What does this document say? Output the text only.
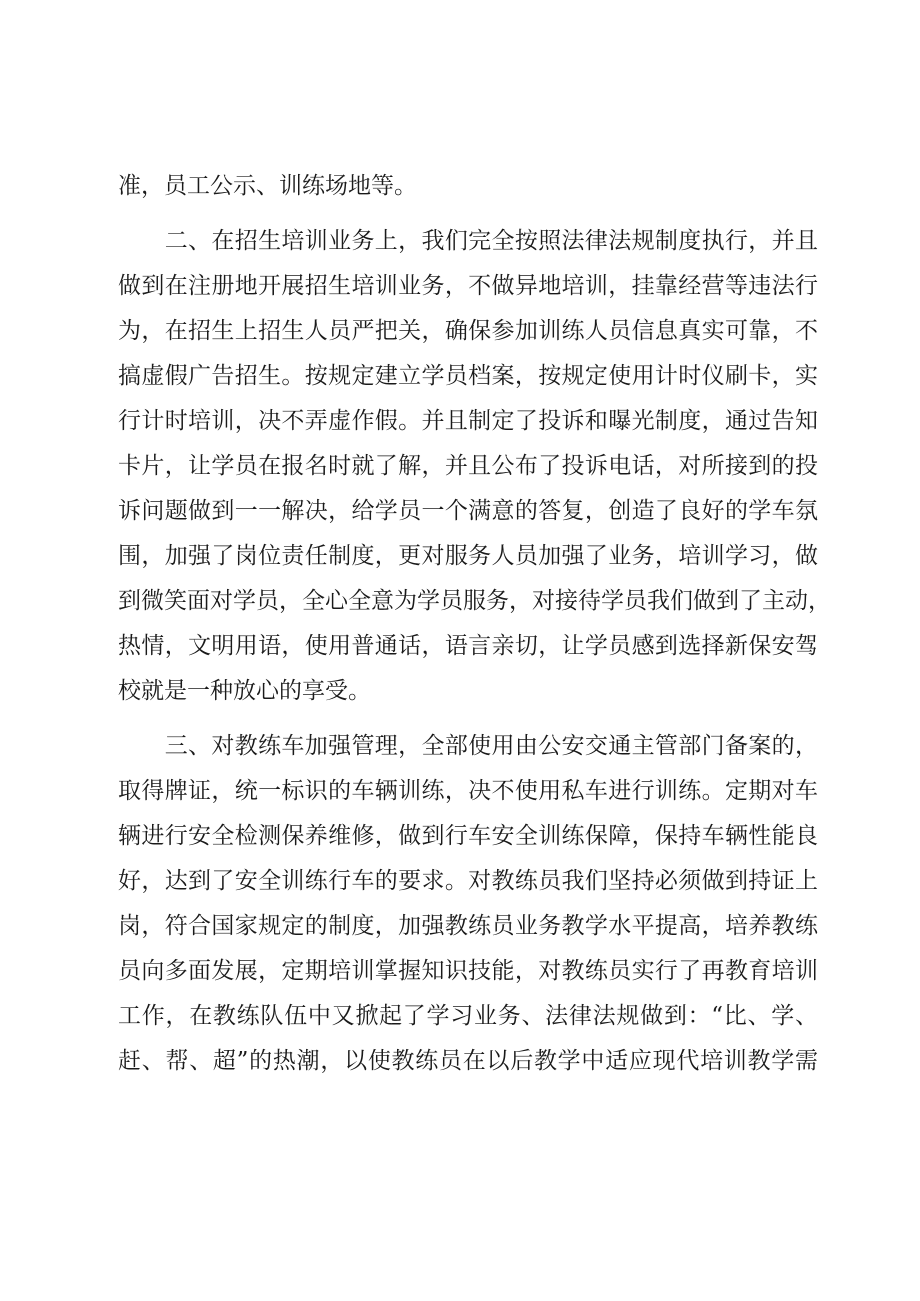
准，员工公示、训练场地等。
　　二、在招生培训业务上，我们完全按照法律法规制度执行，并且
做到在注册地开展招生培训业务，不做异地培训，挂靠经营等违法行
为，在招生上招生人员严把关，确保参加训练人员信息真实可靠，不
搞虚假广告招生。按规定建立学员档案，按规定使用计时仪刷卡，实
行计时培训，决不弄虚作假。并且制定了投诉和曝光制度，通过告知
卡片，让学员在报名时就了解，并且公布了投诉电话，对所接到的投
诉问题做到一一解决，给学员一个满意的答复，创造了良好的学车氛
围，加强了岗位责任制度，更对服务人员加强了业务，培训学习，做
到微笑面对学员，全心全意为学员服务，对接待学员我们做到了主动，
热情，文明用语，使用普通话，语言亲切，让学员感到选择新保安驾
校就是一种放心的享受。
　　三、对教练车加强管理，全部使用由公安交通主管部门备案的，
取得牌证，统一标识的车辆训练，决不使用私车进行训练。定期对车
辆进行安全检测保养维修，做到行车安全训练保障，保持车辆性能良
好，达到了安全训练行车的要求。对教练员我们坚持必须做到持证上
岗，符合国家规定的制度，加强教练员业务教学水平提高，培养教练
员向多面发展，定期培训掌握知识技能，对教练员实行了再教育培训
工作，在教练队伍中又掀起了学习业务、法律法规做到：“比、学、
赶、帮、超”的热潮，以使教练员在以后教学中适应现代培训教学需
